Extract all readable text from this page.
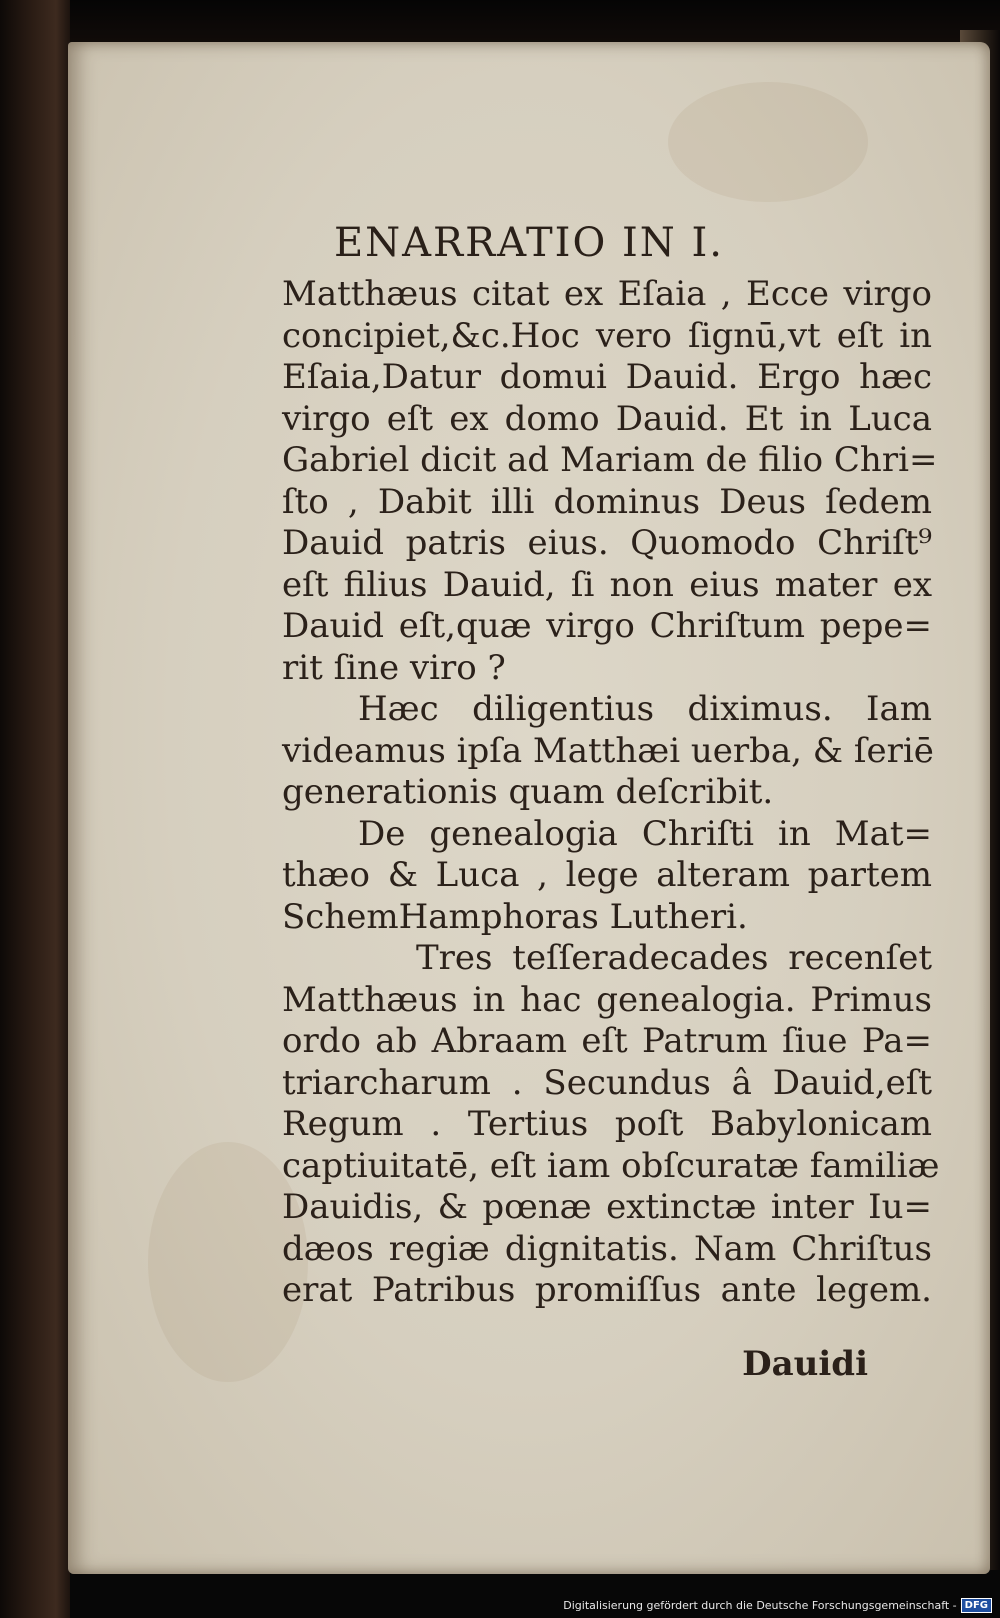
ENARRATIO IN I.
Matthæus citat ex Eſaia , Ecce virgo
concipiet,&c.Hoc vero ſignū,vt eſt in
Eſaia,Datur domui Dauid. Ergo hæc
virgo eſt ex domo Dauid. Et in Luca
Gabriel dicit ad Mariam de filio Chri=
ſto , Dabit illi dominus Deus ſedem
Dauid patris eius. Quomodo Chriſt⁹
eſt filius Dauid, ſi non eius mater ex
Dauid eſt,quæ virgo Chriſtum pepe=
rit ſine viro ?
Hæc diligentius diximus. Iam
videamus ipſa Matthæi uerba, & ſeriē
generationis quam deſcribit.
De genealogia Chriſti in Mat=
thæo & Luca , lege alteram partem
SchemHamphoras Lutheri.
Tres teſſeradecades recenſet
Matthæus in hac genealogia. Primus
ordo ab Abraam eſt Patrum ſiue Pa=
triarcharum . Secundus â Dauid,eſt
Regum . Tertius poſt Babylonicam
captiuitatē, eſt iam obſcuratæ familiæ
Dauidis, & pœnæ extinctæ inter Iu=
dæos regiæ dignitatis. Nam Chriſtus
erat Patribus promiſſus ante legem.
Dauidi
Digitalisierung gefördert durch die Deutsche Forschungsgemeinschaft - DFG
